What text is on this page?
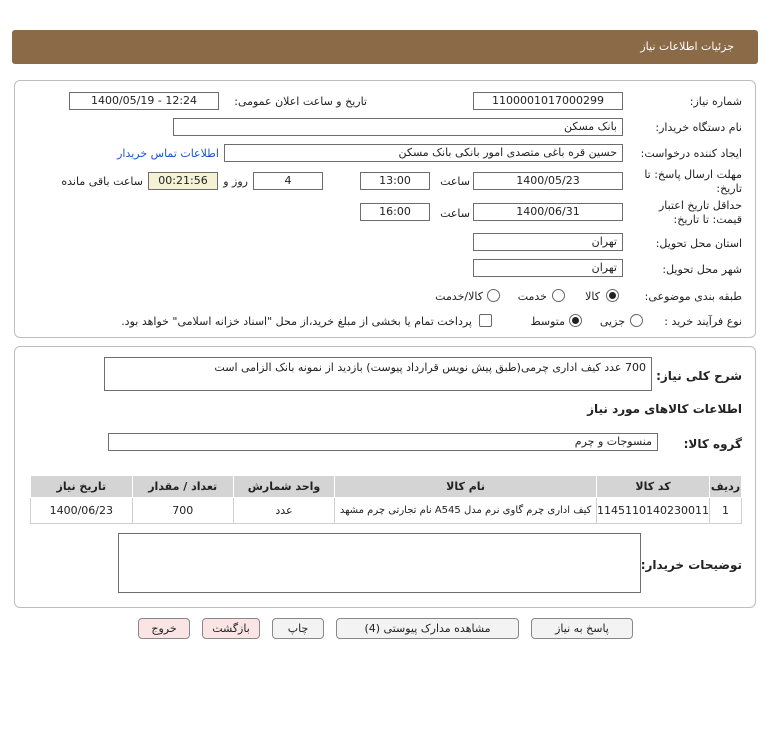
جزئیات اطلاعات نیاز
شماره نیاز:
1100001017000299
تاریخ و ساعت اعلان عمومی:
1400/05/19 - 12:24
نام دستگاه خریدار:
بانک مسکن
ایجاد کننده درخواست:
حسین قره باغی متصدی امور بانکی بانک مسکن
اطلاعات تماس خریدار
مهلت ارسال پاسخ: تا
تاریخ:
1400/05/23
ساعت
13:00
4
روز و
00:21:56
ساعت باقی مانده
حداقل تاریخ اعتبار
قیمت: تا تاریخ:
1400/06/31
ساعت
16:00
استان محل تحویل:
تهران
شهر محل تحویل:
تهران
طبقه بندی موضوعی:
کالا
خدمت
کالا/خدمت
نوع فرآیند خرید :
جزیی
متوسط
پرداخت تمام یا بخشی از مبلغ خرید،از محل "اسناد خزانه اسلامی" خواهد بود.
شرح کلی نیاز:
700 عدد کیف اداری چرمی(طبق پیش نویس قرارداد پیوست) بازدید از نمونه بانک الزامی است
اطلاعات کالاهای مورد نیاز
گروه کالا:
منسوجات و چرم
ردیف	کد کالا	نام کالا	واحد شمارش	تعداد / مقدار	تاریخ نیاز
1	1145110140230011	کیف اداری چرم گاوی نرم مدل A545 نام تجارتی چرم مشهد	عدد	700	1400/06/23
توضیحات خریدار:
پاسخ به نیاز
مشاهده مدارک پیوستی (4)
چاپ
بازگشت
خروج
